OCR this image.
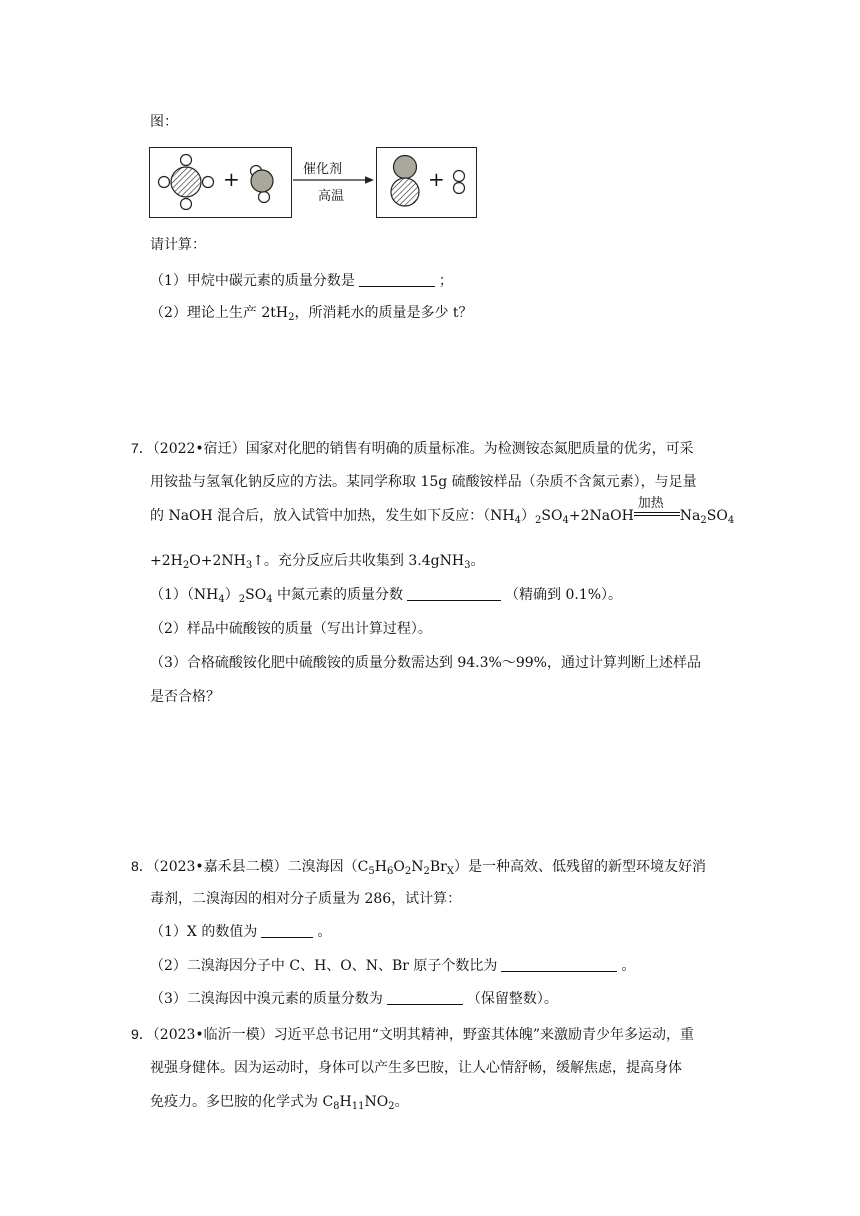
图：
+	催化剂
高温
+
请计算：
（1）甲烷中碳元素的质量分数是	；
（2）理论上生产 $2tH_2$，所消耗水的质量是多少 t？
7．（2022•宿迁）国家对化肥的销售有明确的质量标准。为检测铵态氮肥质量的优劣，可采
用铵盐与氢氧化钠反应的方法。某同学称取 15g 硫酸铵样品（杂质不含氮元素），与足量
的 NaOH 混合后，放入试管中加热，发生如下反应：$(NH_4)_2SO_4+2NaOH$
加热
$Na_2SO_4$
$+2H_2O+2NH_3↑$。充分反应后共收集到 3.4gNH$_3$。
$(1)(NH_4)_2SO_4$ 中氮元素的质量分数	（精确到 0.1%）。
（2）样品中硫酸铵的质量（写出计算过程）。
（3）合格硫酸铵化肥中硫酸铵的质量分数需达到 94.3%～99%，通过计算判断上述样品
是否合格？
8．（2023•嘉禾县二模）二溴海因$(C_5H_6O_2N_2Br_X)$是一种高效、低残留的新型环境友好消
毒剂，二溴海因的相对分子质量为 286，试计算：
（1）X 的数值为	。
（2）二溴海因分子中 C、H、O、N、Br 原子个数比为	。
（3）二溴海因中溴元素的质量分数为	（保留整数）。
9．（2023•临沂一模）习近平总书记用“文明其精神，野蛮其体魄”来激励青少年多运动，重
视强身健体。因为运动时，身体可以产生多巴胺，让人心情舒畅，缓解焦虑，提高身体
免疫力。多巴胺的化学式为 $C_8H_{11}NO_2$。
